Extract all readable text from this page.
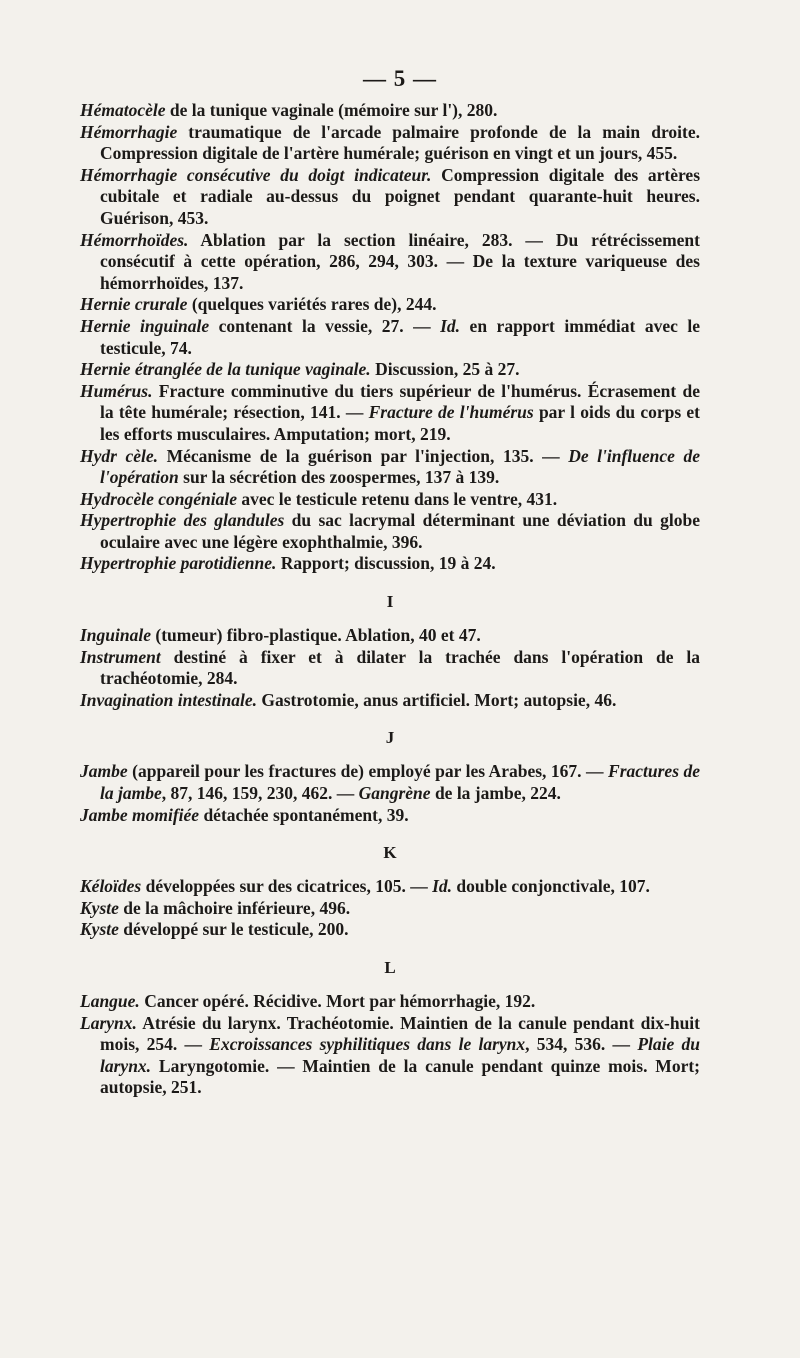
— 5 —
Hématocèle de la tunique vaginale (mémoire sur l'), 280.
Hémorrhagie traumatique de l'arcade palmaire profonde de la main droite. Compression digitale de l'artère humérale; guérison en vingt et un jours, 455.
Hémorrhagie consécutive du doigt indicateur. Compression digitale des artères cubitale et radiale au-dessus du poignet pendant quarante-huit heures. Guérison, 453.
Hémorrhoïdes. Ablation par la section linéaire, 283. — Du rétrécissement consécutif à cette opération, 286, 294, 303. — De la texture variqueuse des hémorrhoïdes, 137.
Hernie crurale (quelques variétés rares de), 244.
Hernie inguinale contenant la vessie, 27. — Id. en rapport immédiat avec le testicule, 74.
Hernie étranglée de la tunique vaginale. Discussion, 25 à 27.
Humérus. Fracture comminutive du tiers supérieur de l'humérus. Écrasement de la tête humérale; résection, 141. — Fracture de l'humérus par l oids du corps et les efforts musculaires. Amputation; mort, 219.
Hydr cèle. Mécanisme de la guérison par l'injection, 135. — De l'influence de l'opération sur la sécrétion des zoospermes, 137 à 139.
Hydrocèle congéniale avec le testicule retenu dans le ventre, 431.
Hypertrophie des glandules du sac lacrymal déterminant une déviation du globe oculaire avec une légère exophthalmie, 396.
Hypertrophie parotidienne. Rapport; discussion, 19 à 24.
I
Inguinale (tumeur) fibro-plastique. Ablation, 40 et 47.
Instrument destiné à fixer et à dilater la trachée dans l'opération de la trachéotomie, 284.
Invagination intestinale. Gastrotomie, anus artificiel. Mort; autopsie, 46.
J
Jambe (appareil pour les fractures de) employé par les Arabes, 167. — Fractures de la jambe, 87, 146, 159, 230, 462. — Gangrène de la jambe, 224.
Jambe momifiée détachée spontanément, 39.
K
Kéloïdes développées sur des cicatrices, 105. — Id. double conjonctivale, 107.
Kyste de la mâchoire inférieure, 496.
Kyste développé sur le testicule, 200.
L
Langue. Cancer opéré. Récidive. Mort par hémorrhagie, 192.
Larynx. Atrésie du larynx. Trachéotomie. Maintien de la canule pendant dix-huit mois, 254. — Excroissances syphilitiques dans le larynx, 534, 536. — Plaie du larynx. Laryngotomie. — Maintien de la canule pendant quinze mois. Mort; autopsie, 251.
